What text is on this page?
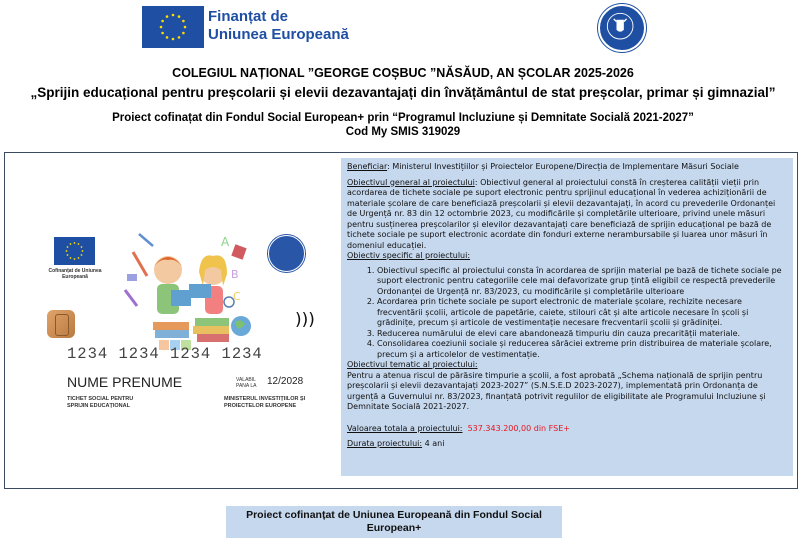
Finanțat de
Uniunea Europeană
COLEGIUL NAȚIONAL ”GEORGE COȘBUC ”NĂSĂUD, AN ȘCOLAR 2025-2026
„Sprijin educațional pentru preșcolarii și elevii dezavantajați din învățământul de stat preșcolar, primar și gimnazial”
Proiect cofinațat din Fondul Social European+ prin “Programul Incluziune și Demnitate Socială 2021-2027”
Cod My SMIS 319029
Cofinanțat de Uniunea Europeană
A
B
C
)))
1234 1234 1234 1234
NUME PRENUME	VALABIL
PANA LA 12/2028
TICHET SOCIAL PENTRU
SPRIJIN EDUCAȚIONAL
MINISTERUL INVESTIȚIILOR ȘI
PROIECTELOR EUROPENE

Beneficiar: Ministerul Investițiilor și Proiectelor Europene/Direcția de Implementare Măsuri Sociale

Obiectivul general al proiectului: Obiectivul general al proiectului constă în creșterea calității vieții prin acordarea de tichete sociale pe suport electronic pentru sprijinul educațional în vederea achiziționării de materiale școlare de care beneficiază preșcolarii și elevii dezavantajați, în acord cu prevederile Ordonanței de Urgență nr. 83 din 12 octombrie 2023, cu modificările și completările ulterioare, privind unele măsuri pentru susținerea preșcolarilor și elevilor dezavantajați care beneficiază de sprijin educațional pe bază de tichete sociale pe suport electronic acordate din fonduri externe nerambursabile și luarea unor măsuri în domeniul educației.

Obiectiv specific al proiectului:
1. Obiectivul specific al proiectului consta în acordarea de sprijin material pe bază de tichete sociale pe suport electronic pentru categoriile cele mai defavorizate grup țintă eligibil ce respectă prevederile Ordonanței de Urgență nr. 83/2023, cu modificările și completările ulterioare
2. Acordarea prin tichete sociale pe suport electronic de materiale școlare, rechizite necesare frecventării școlii, articole de papetărie, caiete, stilouri cât și alte articole necesare în școli și grădinițe, precum și articole de vestimentație necesare frecventarii școlii și grădiniței.
3. Reducerea numărului de elevi care abandonează timpuriu din cauza precarității materiale.
4. Consolidarea coeziunii sociale și reducerea sărăciei extreme prin distribuirea de materiale școlare, precum și a articolelor de vestimentație.
Obiectivul tematic al proiectului:

Pentru a atenua riscul de părăsire timpurie a școlii, a fost aprobată „Schema națională de sprijin pentru preșcolarii și elevii dezavantajați 2023-2027” (S.N.S.E.D 2023-2027), implementată prin Ordonanța de urgență a Guvernului nr. 83/2023, finanțată potrivit regulilor de eligibilitate ale Programului Incluziune și Demnitate Socială 2021-2027.

Valoarea totala a proiectului: 537.343.200,00 din FSE+

Durata proiectului: 4 ani

Proiect cofinanțat de Uniunea Europeană din Fondul Social European+
